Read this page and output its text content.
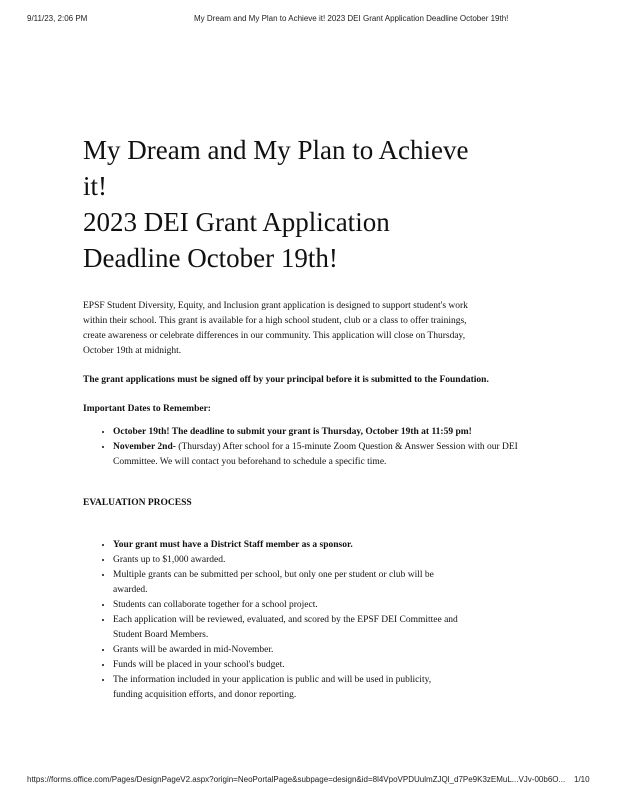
9/11/23, 2:06 PM	My Dream and My Plan to Achieve it! 2023 DEI Grant Application Deadline October 19th!
My Dream and My Plan to Achieve it!
2023 DEI Grant Application Deadline October 19th!

EPSF Student Diversity, Equity, and Inclusion grant application is designed to support student's work within their school. This grant is available for a high school student, club or a class to offer trainings, create awareness or celebrate differences in our community. This application will close on Thursday, October 19th at midnight.

The grant applications must be signed off by your principal before it is submitted to the Foundation.

Important Dates to Remember:

• October 19th! The deadline to submit your grant is Thursday, October 19th at 11:59 pm!
• November 2nd- (Thursday) After school for a 15-minute Zoom Question & Answer Session with our DEI Committee. We will contact you beforehand to schedule a specific time.

EVALUATION PROCESS

• Your grant must have a District Staff member as a sponsor.
• Grants up to $1,000 awarded.
• Multiple grants can be submitted per school, but only one per student or club will be awarded.
• Students can collaborate together for a school project.
• Each application will be reviewed, evaluated, and scored by the EPSF DEI Committee and Student Board Members.
• Grants will be awarded in mid-November.
• Funds will be placed in your school's budget.
• The information included in your application is public and will be used in publicity, funding acquisition efforts, and donor reporting.
https://forms.office.com/Pages/DesignPageV2.aspx?origin=NeoPortalPage&subpage=design&id=8l4VpoVPDUulmZJQl_d7Pe9K3zEMuL...VJv-00b6O... 1/10
